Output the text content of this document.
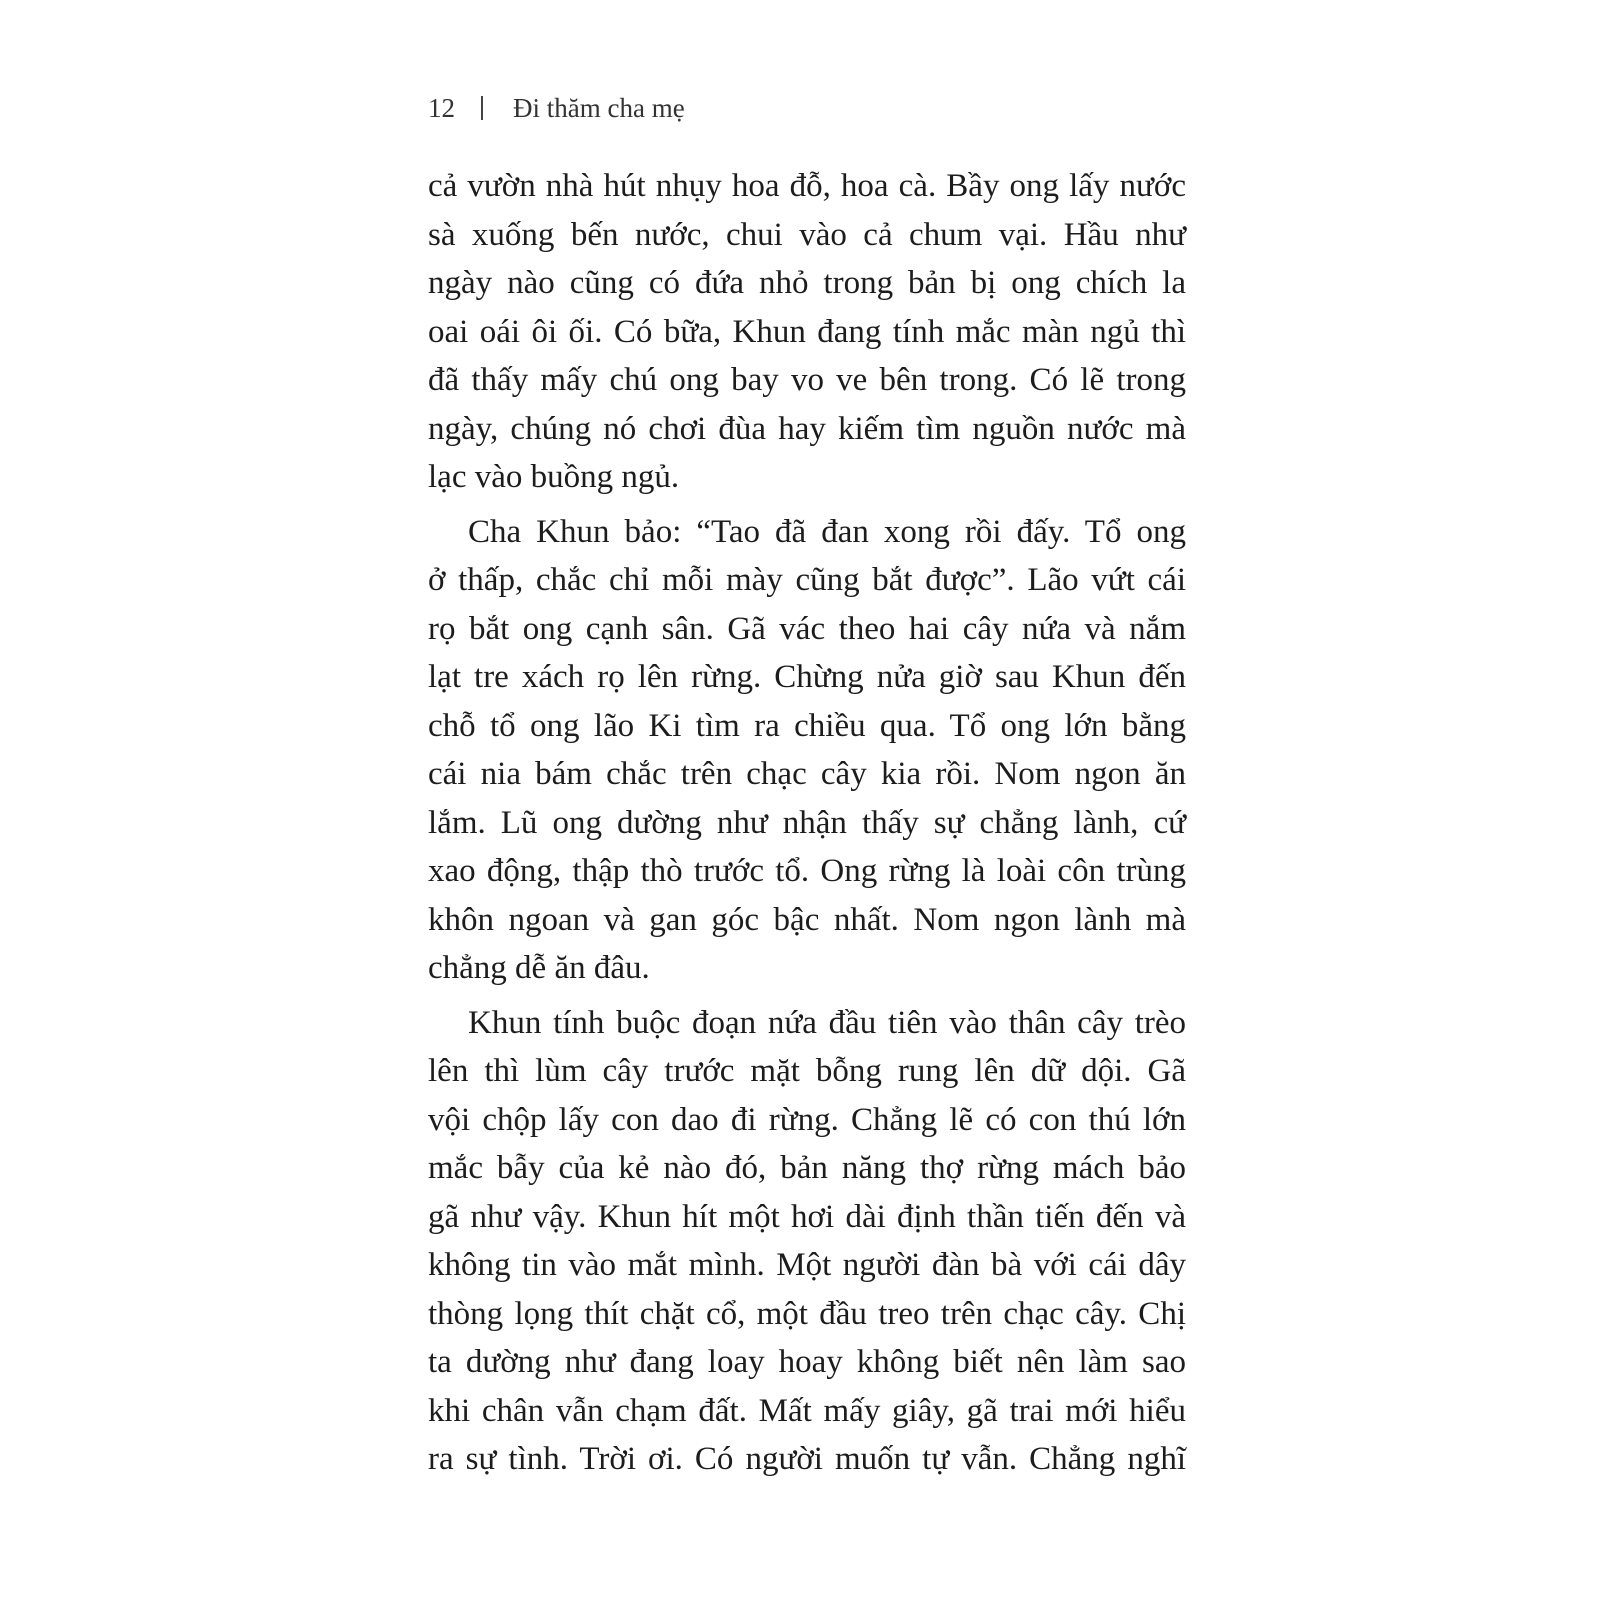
12 Đi thăm cha mẹ
cả vườn nhà hút nhụy hoa đỗ, hoa cà. Bầy ong lấy nước
sà xuống bến nước, chui vào cả chum vại. Hầu như
ngày nào cũng có đứa nhỏ trong bản bị ong chích la
oai oái ôi ối. Có bữa, Khun đang tính mắc màn ngủ thì
đã thấy mấy chú ong bay vo ve bên trong. Có lẽ trong
ngày, chúng nó chơi đùa hay kiếm tìm nguồn nước mà
lạc vào buồng ngủ.
Cha Khun bảo: “Tao đã đan xong rồi đấy. Tổ ong
ở thấp, chắc chỉ mỗi mày cũng bắt được”. Lão vứt cái
rọ bắt ong cạnh sân. Gã vác theo hai cây nứa và nắm
lạt tre xách rọ lên rừng. Chừng nửa giờ sau Khun đến
chỗ tổ ong lão Ki tìm ra chiều qua. Tổ ong lớn bằng
cái nia bám chắc trên chạc cây kia rồi. Nom ngon ăn
lắm. Lũ ong dường như nhận thấy sự chẳng lành, cứ
xao động, thập thò trước tổ. Ong rừng là loài côn trùng
khôn ngoan và gan góc bậc nhất. Nom ngon lành mà
chẳng dễ ăn đâu.
Khun tính buộc đoạn nứa đầu tiên vào thân cây trèo
lên thì lùm cây trước mặt bỗng rung lên dữ dội. Gã
vội chộp lấy con dao đi rừng. Chẳng lẽ có con thú lớn
mắc bẫy của kẻ nào đó, bản năng thợ rừng mách bảo
gã như vậy. Khun hít một hơi dài định thần tiến đến và
không tin vào mắt mình. Một người đàn bà với cái dây
thòng lọng thít chặt cổ, một đầu treo trên chạc cây. Chị
ta dường như đang loay hoay không biết nên làm sao
khi chân vẫn chạm đất. Mất mấy giây, gã trai mới hiểu
ra sự tình. Trời ơi. Có người muốn tự vẫn. Chẳng nghĩ
